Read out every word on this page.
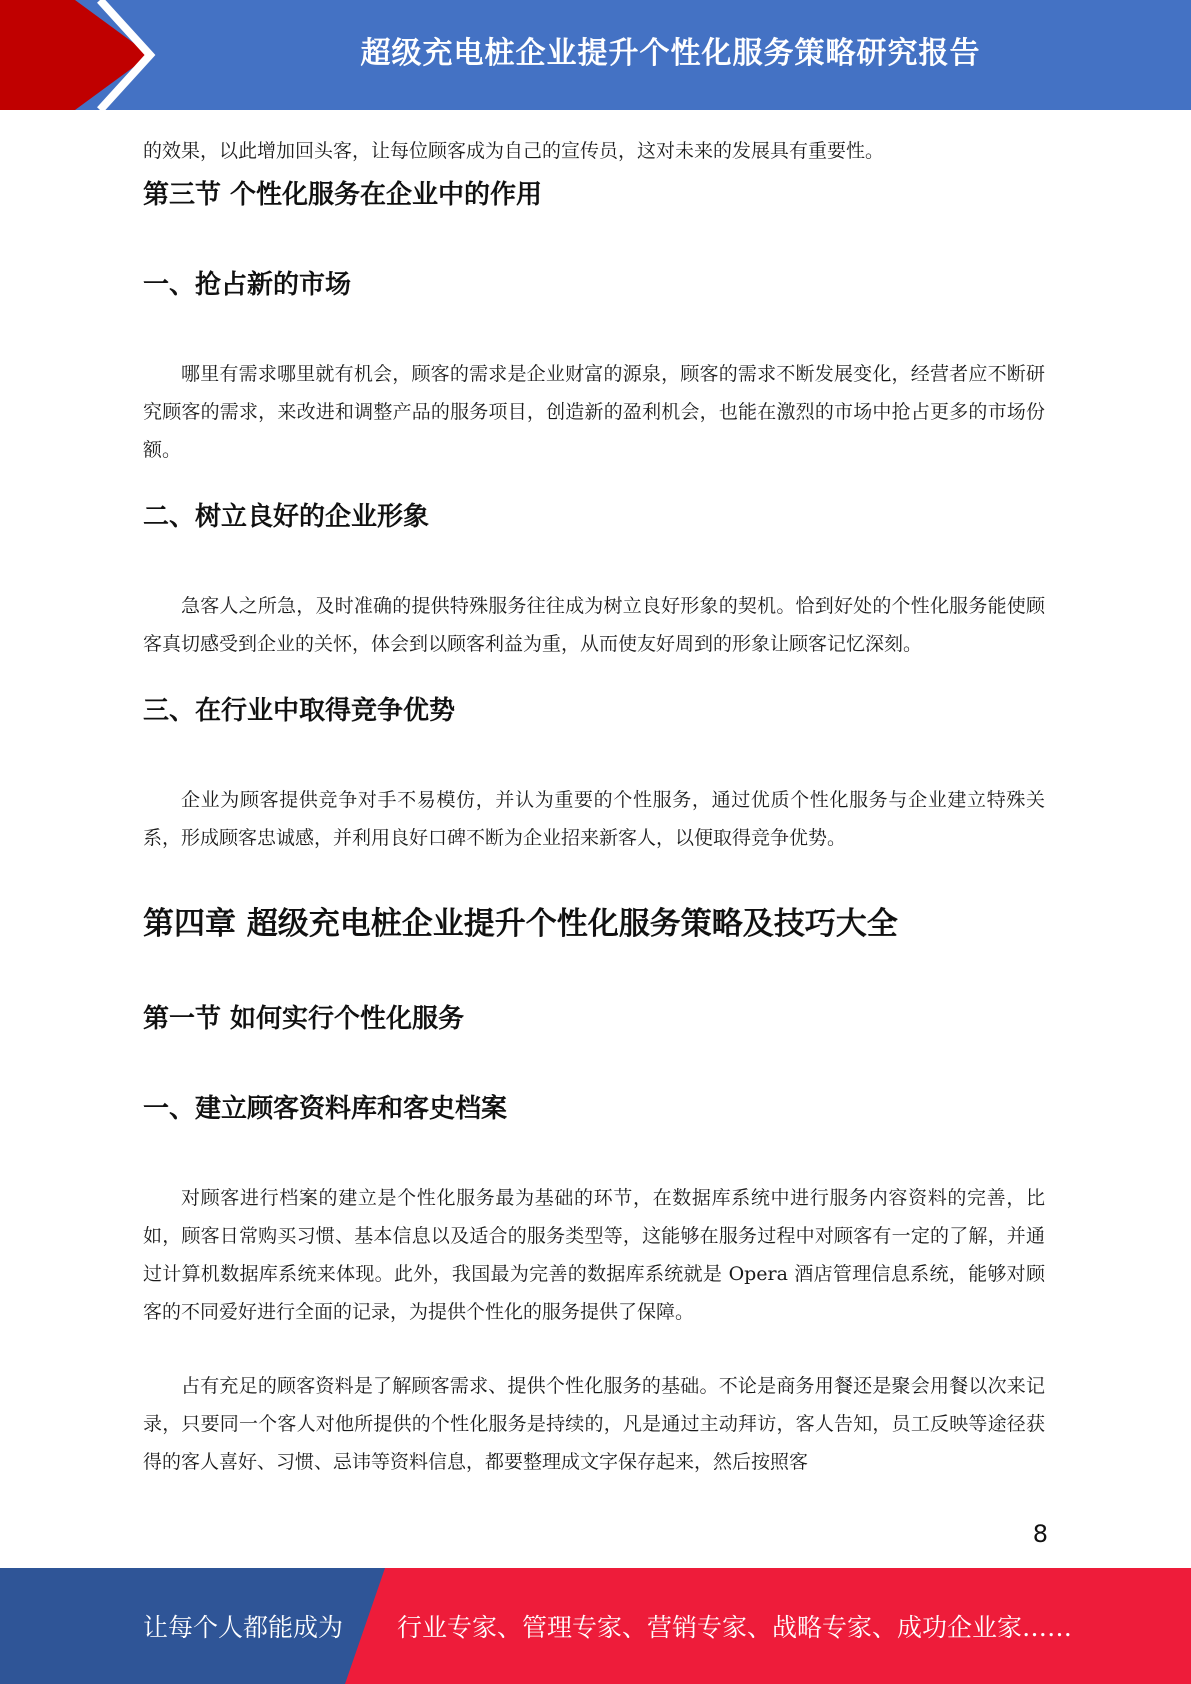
超级充电桩企业提升个性化服务策略研究报告

的效果，以此增加回头客，让每位顾客成为自己的宣传员，这对未来的发展具有重要性。

第三节 个性化服务在企业中的作用
一、抢占新的市场

哪里有需求哪里就有机会，顾客的需求是企业财富的源泉，顾客的需求不断发展变化，经营者应不断研究顾客的需求，来改进和调整产品的服务项目，创造新的盈利机会，也能在激烈的市场中抢占更多的市场份额。

二、树立良好的企业形象

急客人之所急，及时准确的提供特殊服务往往成为树立良好形象的契机。恰到好处的个性化服务能使顾客真切感受到企业的关怀，体会到以顾客利益为重，从而使友好周到的形象让顾客记忆深刻。

三、在行业中取得竞争优势

企业为顾客提供竞争对手不易模仿，并认为重要的个性服务，通过优质个性化服务与企业建立特殊关系，形成顾客忠诚感，并利用良好口碑不断为企业招来新客人，以便取得竞争优势。

第四章 超级充电桩企业提升个性化服务策略及技巧大全
第一节 如何实行个性化服务
一、建立顾客资料库和客史档案

对顾客进行档案的建立是个性化服务最为基础的环节，在数据库系统中进行服务内容资料的完善，比如，顾客日常购买习惯、基本信息以及适合的服务类型等，这能够在服务过程中对顾客有一定的了解，并通过计算机数据库系统来体现。此外，我国最为完善的数据库系统就是 Opera 酒店管理信息系统，能够对顾客的不同爱好进行全面的记录，为提供个性化的服务提供了保障。

占有充足的顾客资料是了解顾客需求、提供个性化服务的基础。不论是商务用餐还是聚会用餐以次来记录，只要同一个客人对他所提供的个性化服务是持续的，凡是通过主动拜访，客人告知，员工反映等途径获得的客人喜好、习惯、忌讳等资料信息，都要整理成文字保存起来，然后按照客

8
让每个人都能成为 行业专家、管理专家、营销专家、战略专家、成功企业家……
